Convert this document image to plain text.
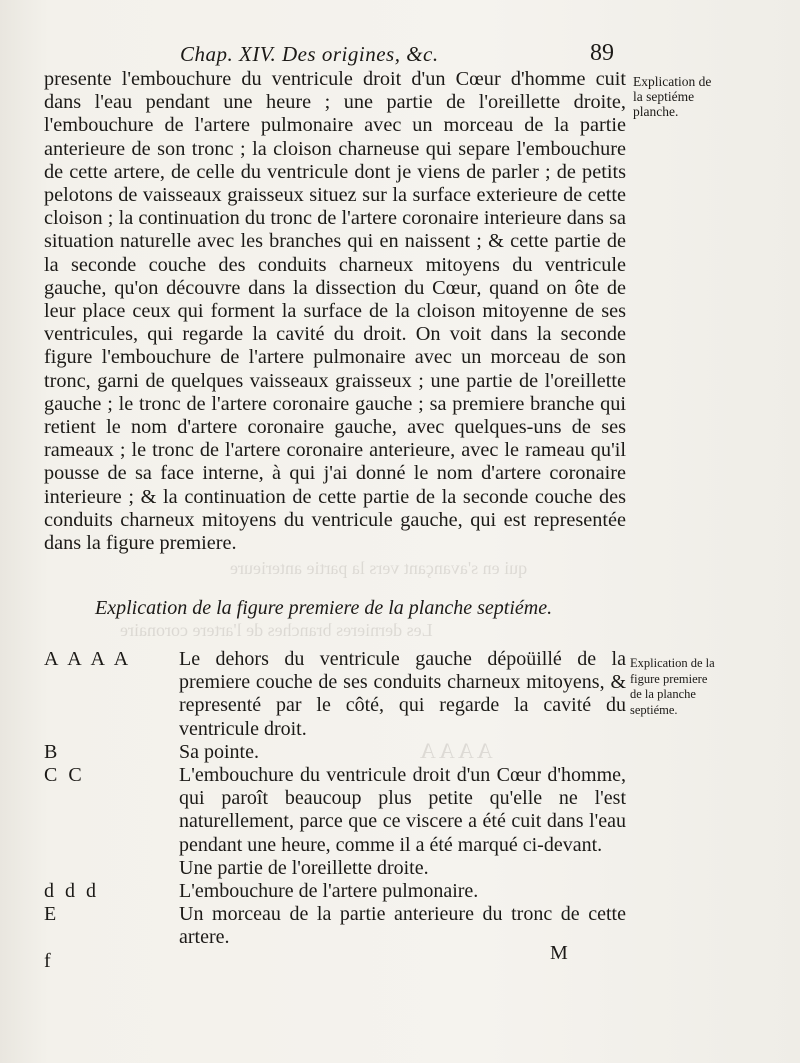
Chap. XIV. Des origines, &c.	89
qui en s'avançant vers la partie anterieure
Les dernieres branches de l'artere coronaire
A A A A
presente l'embouchure du ventricule droit d'un Cœur d'homme cuit dans l'eau pendant une heure ; une partie de l'oreillette droite, l'embouchure de l'artere pulmonaire avec un morceau de la partie anterieure de son tronc ; la cloison charneuse qui separe l'embouchure de cette artere, de celle du ventricule dont je viens de parler ; de petits pelotons de vaisseaux graisseux situez sur la surface exterieure de cette cloison ; la continuation du tronc de l'artere coronaire interieure dans sa situation naturelle avec les branches qui en naissent ; & cette partie de la seconde couche des conduits charneux mitoyens du ventricule gauche, qu'on découvre dans la dissection du Cœur, quand on ôte de leur place ceux qui forment la surface de la cloison mitoyenne de ses ventricules, qui regarde la cavité du droit. On voit dans la seconde figure l'embouchure de l'artere pulmonaire avec un morceau de son tronc, garni de quelques vaisseaux graisseux ; une partie de l'oreillette gauche ; le tronc de l'artere coronaire gauche ; sa premiere branche qui retient le nom d'artere coronaire gauche, avec quelques-uns de ses rameaux ; le tronc de l'artere coronaire anterieure, avec le rameau qu'il pousse de sa face interne, à qui j'ai donné le nom d'artere coronaire interieure ; & la continuation de cette partie de la seconde couche des conduits charneux mitoyens du ventricule gauche, qui est representée dans la figure premiere.
Explication de la septiéme planche.
Explication de la figure premiere de la planche septiéme.
Explication de la figure premiere de la planche septiéme.
A A A A	Le dehors du ventricule gauche dépoüillé de la premiere couche de ses conduits charneux mitoyens, & representé par le côté, qui regarde la cavité du ventricule droit.
B	Sa pointe.
C C	L'embouchure du ventricule droit d'un Cœur d'homme, qui paroît beaucoup plus petite qu'elle ne l'est naturellement, parce que ce viscere a été cuit dans l'eau pendant une heure, comme il a été marqué ci-devant.
Une partie de l'oreillette droite.
d d d	L'embouchure de l'artere pulmonaire.
E	Un morceau de la partie anterieure du tronc de cette artere.
f	M
